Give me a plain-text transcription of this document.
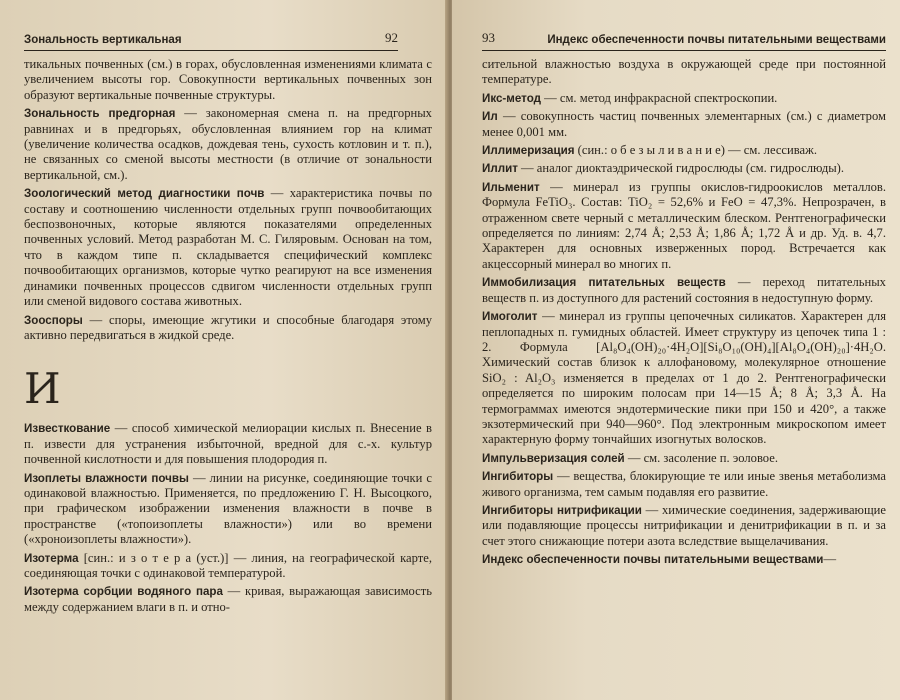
Зональность вертикальная	92

тикальных почвенных (см.) в горах, обусловленная изменениями климата с увеличением высоты гор. Совокупности вертикальных почвенных зон образуют вертикальные почвенные структуры.

Зональность предгорная — закономерная смена п. на предгорных равнинах и в предгорьях, обусловленная влиянием гор на климат (увеличение количества осадков, дождевая тень, сухость котловин и т. п.), не связанных со сменой высоты местности (в отличие от зональности вертикальной, см.).

Зоологический метод диагностики почв — характеристика почвы по составу и соотношению численности отдельных групп почвообитающих беспозвоночных, которые являются показателями определенных почвенных условий. Метод разработан М. С. Гиляровым. Основан на том, что в каждом типе п. складывается специфический комплекс почвообитающих организмов, которые чутко реагируют на все изменения динамики почвенных процессов сдвигом численности отдельных групп или сменой видового состава животных.

Зооспоры — споры, имеющие жгутики и способные благодаря этому активно передвигаться в жидкой среде.

И

Известкование — способ химической мелиорации кислых п. Внесение в п. извести для устранения избыточной, вредной для с.-х. культур почвенной кислотности и для повышения плодородия п.

Изоплеты влажности почвы — линии на рисунке, соединяющие точки с одинаковой влажностью. Применяется, по предложению Г. Н. Высоцкого, при графическом изображении изменения влажности в почве в пространстве («топоизоплеты влажности») или во времени («хроноизоплеты влажности»).

Изотерма [син.: и з о т е р а (уст.)] — линия, на географической карте, соединяющая точки с одинаковой температурой.

Изотерма сорбции водяного пара — кривая, выражающая зависимость между содержанием влаги в п. и отно-

93	Индекс обеспеченности почвы питательными веществами

сительной влажностью воздуха в окружающей среде при постоянной температуре.

Икс-метод — см. метод инфракрасной спектроскопии.

Ил — совокупность частиц почвенных элементарных (см.) с диаметром менее 0,001 мм.

Иллимеризация (син.: о б е з ы л и в а н и е) — см. лессиваж.

Иллит — аналог диоктаэдрической гидрослюды (см. гидрослюды).

Ильменит — минерал из группы окислов-гидроокислов металлов. Формула FeTiO₃. Состав: TiO₂ = 52,6% и FeO = 47,3%. Непрозрачен, в отраженном свете черный с металлическим блеском. Рентгенографически определяется по линиям: 2,74 Å; 2,53 Å; 1,86 Å; 1,72 Å и др. Уд. в. 4,7. Характерен для основных изверженных пород. Встречается как акцессорный минерал во многих п.

Иммобилизация питательных веществ — переход питательных веществ п. из доступного для растений состояния в недоступную форму.

Имоголит — минерал из группы цепочечных силикатов. Характерен для пеплопадных п. гумидных областей. Имеет структуру из цепочек типа 1 : 2. Формула [Al₈O₄(OH)₂₀·4H₂O][Si₈O₁₀(OH)₄][Al₈O₄(OH)₂₀]·4H₂O. Химический состав близок к аллофановому, молекулярное отношение SiO₂ : Al₂O₃ изменяется в пределах от 1 до 2. Рентгенографически определяется по широким полосам при 14—15 Å; 8 Å; 3,3 Å. На термограммах имеются эндотермические пики при 150 и 420°, а также экзотермический при 940—960°. Под электронным микроскопом имеет характерную форму тончайших изогнутых волосков.

Импульверизация солей — см. засоление п. эоловое.

Ингибиторы — вещества, блокирующие те или иные звенья метаболизма живого организма, тем самым подавляя его развитие.

Ингибиторы нитрификации — химические соединения, задерживающие или подавляющие процессы нитрификации и денитрификации в п. и за счет этого снижающие потери азота вследствие выщелачивания.

Индекс обеспеченности почвы питательными веществами—
